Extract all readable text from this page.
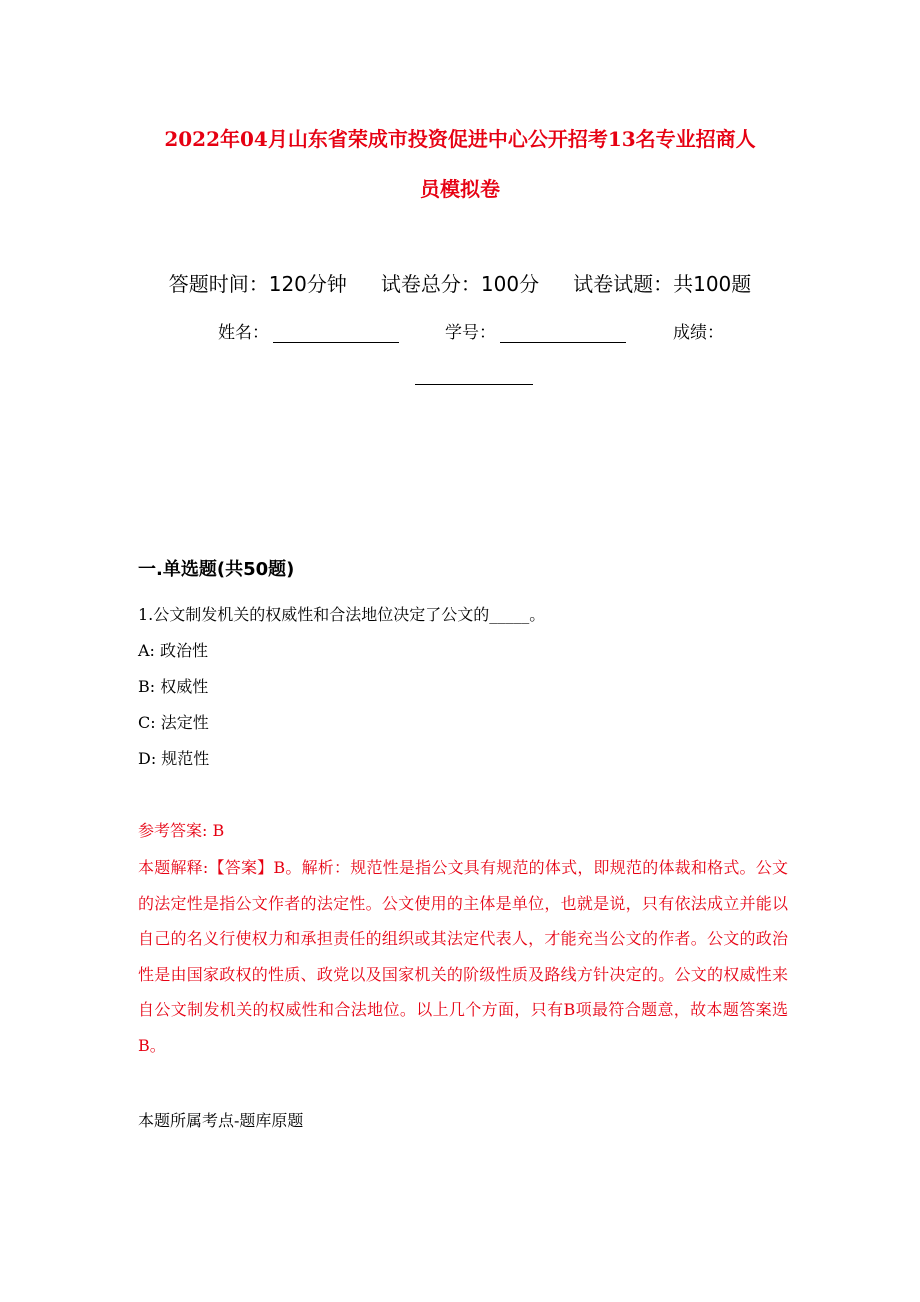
2022年04月山东省荣成市投资促进中心公开招考13名专业招商人
员模拟卷
答题时间：120分钟 试卷总分：100分 试卷试题：共100题
姓名：	学号：	成绩：
一.单选题(共50题)

1.公文制发机关的权威性和合法地位决定了公文的_____。

A: 政治性

B: 权威性

C: 法定性

D: 规范性

参考答案: B

本题解释:【答案】B。解析：规范性是指公文具有规范的体式，即规范的体裁和格式。公文的法定性是指公文作者的法定性。公文使用的主体是单位，也就是说，只有依法成立并能以自己的名义行使权力和承担责任的组织或其法定代表人，才能充当公文的作者。公文的政治性是由国家政权的性质、政党以及国家机关的阶级性质及路线方针决定的。公文的权威性来自公文制发机关的权威性和合法地位。以上几个方面，只有B项最符合题意，故本题答案选B。

本题所属考点-题库原题
